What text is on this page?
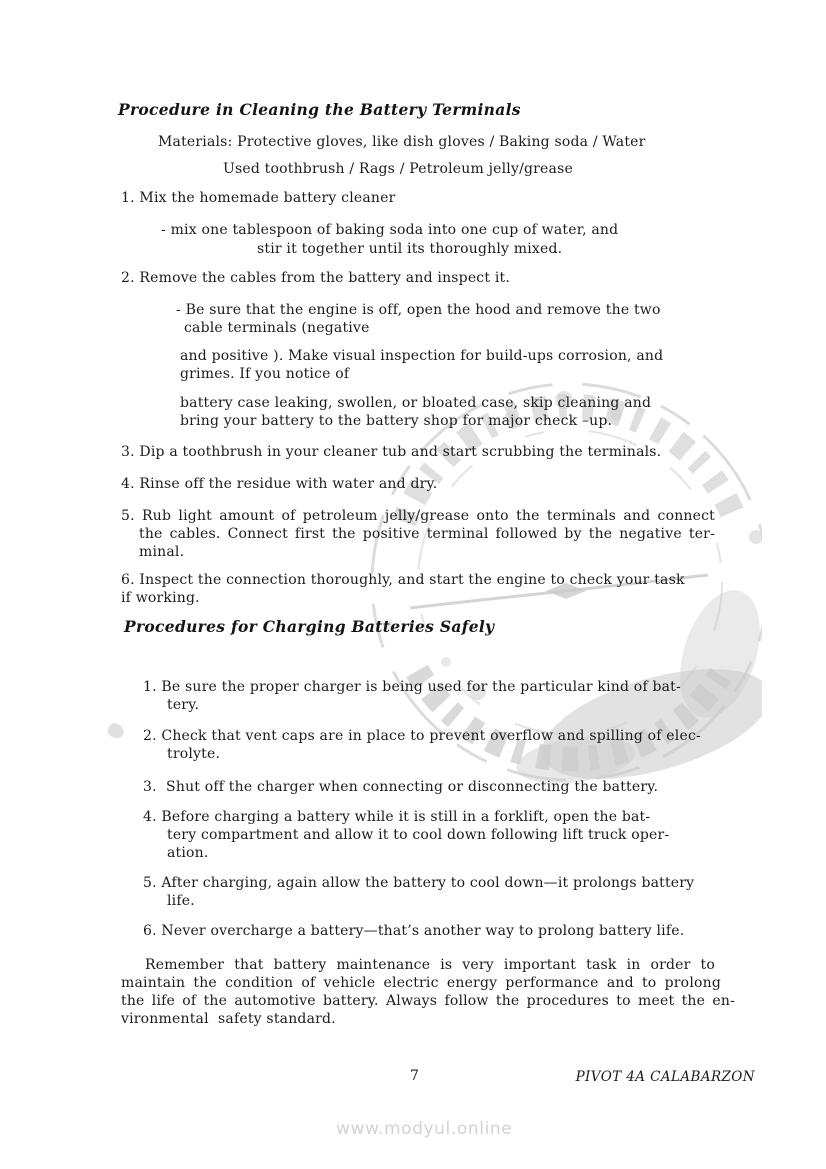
Procedure in Cleaning the Battery Terminals
Materials: Protective gloves, like dish gloves / Baking soda / Water
Used toothbrush / Rags / Petroleum jelly/grease
1. Mix the homemade battery cleaner
- mix one tablespoon of baking soda into one cup of water, and
stir it together until its thoroughly mixed.
2. Remove the cables from the battery and inspect it.
- Be sure that the engine is off, open the hood and remove the two
cable terminals (negative
and positive ). Make visual inspection for build-ups corrosion, and
grimes. If you notice of
battery case leaking, swollen, or bloated case, skip cleaning and
bring your battery to the battery shop for major check –up.
3. Dip a toothbrush in your cleaner tub and start scrubbing the terminals.
4. Rinse off the residue with water and dry.
5. Rub light amount of petroleum jelly/grease onto the terminals and connect
the cables. Connect first the positive terminal followed by the negative ter-
minal.
6. Inspect the connection thoroughly, and start the engine to check your task
if working.
Procedures for Charging Batteries Safely
1. Be sure the proper charger is being used for the particular kind of bat-
tery.
2. Check that vent caps are in place to prevent overflow and spilling of elec-
trolyte.
3.  Shut off the charger when connecting or disconnecting the battery.
4. Before charging a battery while it is still in a forklift, open the bat-
tery compartment and allow it to cool down following lift truck oper-
ation.
5. After charging, again allow the battery to cool down—it prolongs battery
life.
6. Never overcharge a battery—that’s another way to prolong battery life.
Remember that battery maintenance is very important task in order to
maintain the condition of vehicle electric energy performance and to prolong
the life of the automotive battery. Always follow the procedures to meet the en-
vironmental  safety standard.
7	PIVOT 4A CALABARZON
www.modyul.online
